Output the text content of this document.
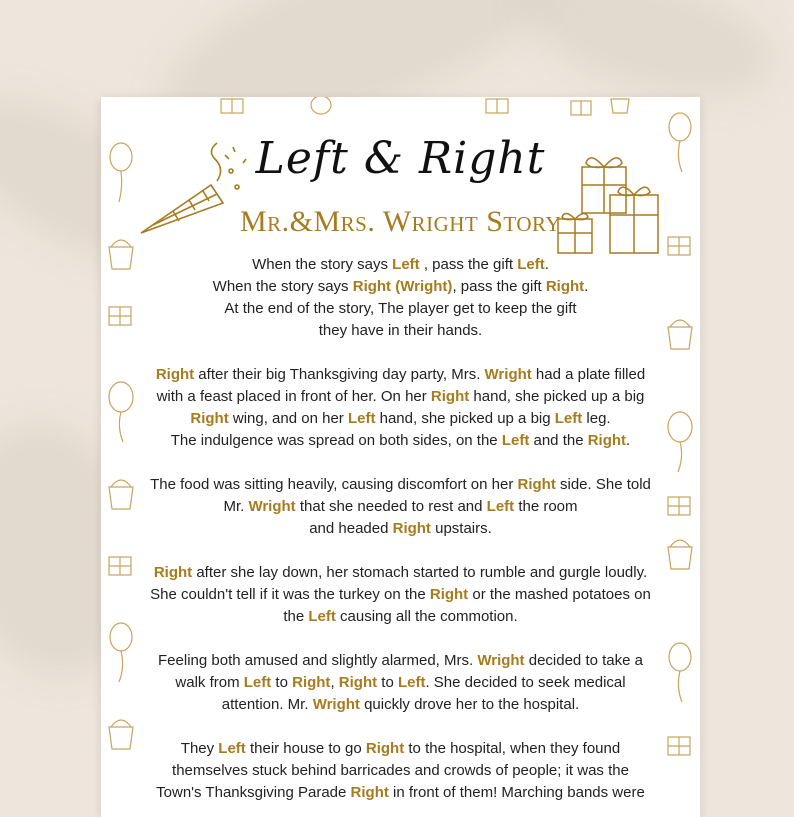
Left & Right
Mr.&Mrs. Wright Story

When the story says Left , pass the gift Left.

When the story says Right (Wright), pass the gift Right.

At the end of the story, The player get to keep the gift

they have in their hands.

Right after their big Thanksgiving day party, Mrs. Wright had a plate filled

with a feast placed in front of her. On her Right hand, she picked up a big

Right wing, and on her Left hand, she picked up a big Left leg.

The indulgence was spread on both sides, on the Left and the Right.

The food was sitting heavily, causing discomfort on her Right side. She told

Mr. Wright that she needed to rest and Left the room

and headed Right upstairs.

Right after she lay down, her stomach started to rumble and gurgle loudly.

She couldn't tell if it was the turkey on the Right or the mashed potatoes on

the Left causing all the commotion.

Feeling both amused and slightly alarmed, Mrs. Wright decided to take a

walk from Left to Right, Right to Left. She decided to seek medical

attention. Mr. Wright quickly drove her to the hospital.

They Left their house to go Right to the hospital, when they found

themselves stuck behind barricades and crowds of people; it was the

Town's Thanksgiving Parade Right in front of them! Marching bands were
